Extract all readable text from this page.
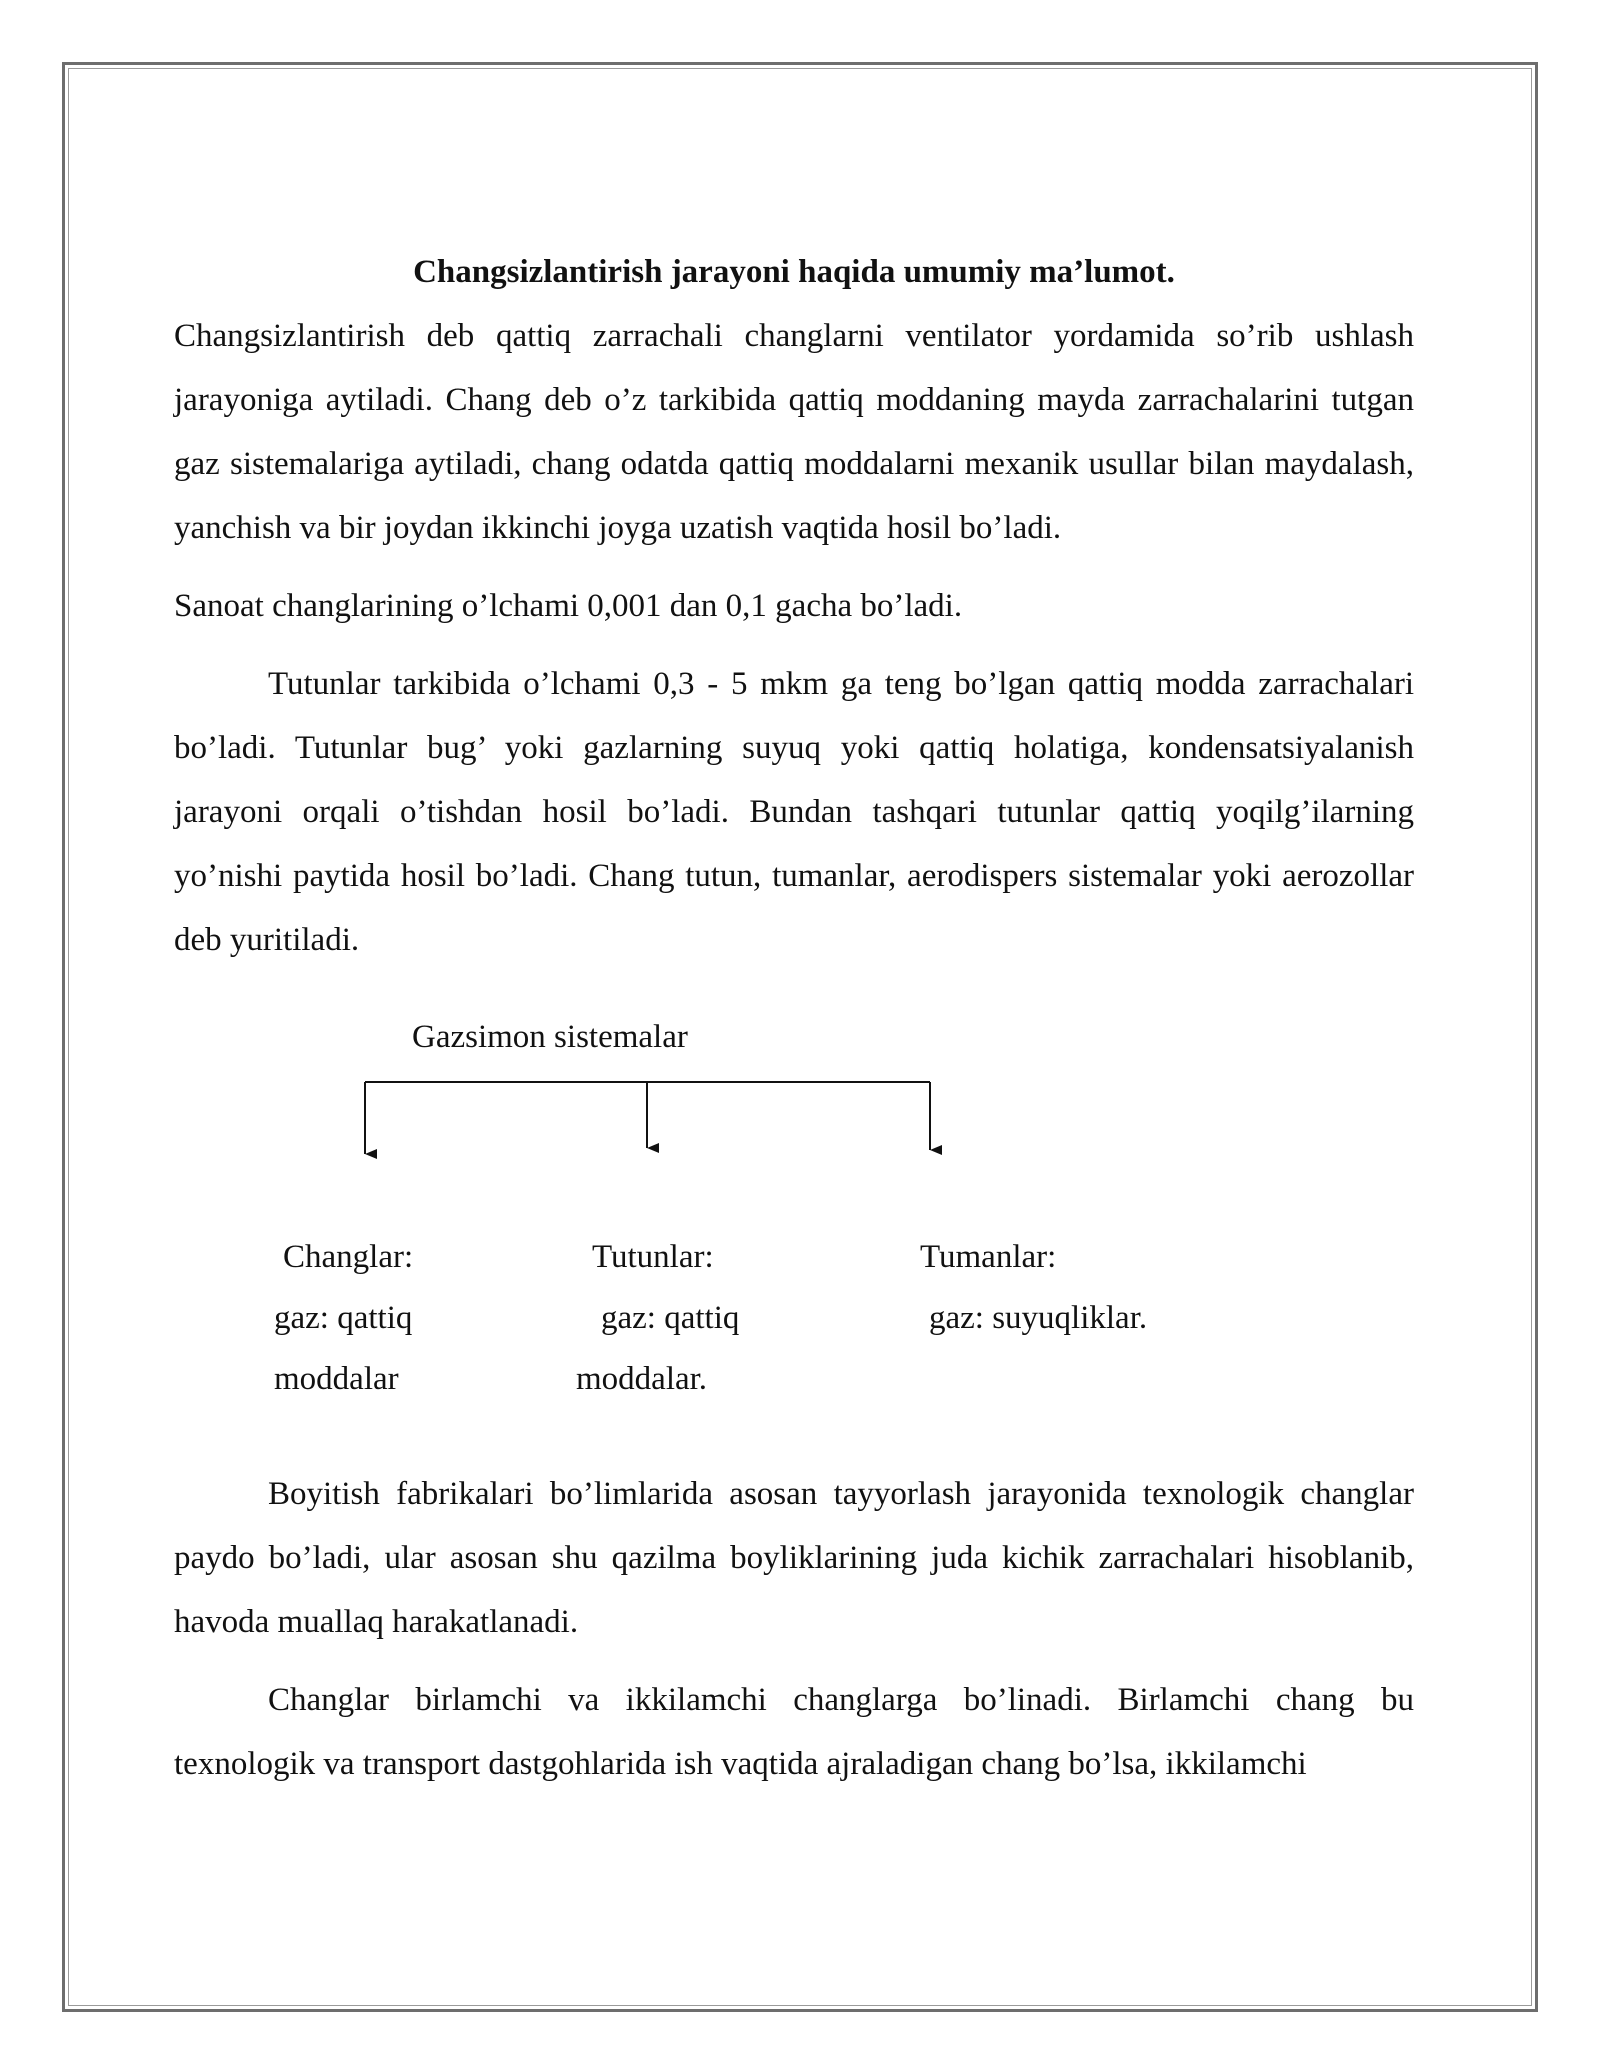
Changsizlantirish jarayoni haqida umumiy ma’lumot.

Changsizlantirish deb qattiq zarrachali changlarni ventilator yordamida so’rib ushlash jarayoniga aytiladi. Chang deb o’z tarkibida qattiq moddaning mayda zarrachalarini tutgan gaz sistemalariga aytiladi, chang odatda qattiq moddalarni mexanik usullar bilan maydalash, yanchish va bir joydan ikkinchi joyga uzatish vaqtida hosil bo’ladi.

Sanoat changlarining o’lchami 0,001 dan 0,1 gacha bo’ladi.

Tutunlar tarkibida o’lchami 0,3 - 5 mkm ga teng bo’lgan qattiq modda zarrachalari bo’ladi. Tutunlar bug’ yoki gazlarning suyuq yoki qattiq holatiga, kondensatsiyalanish jarayoni orqali o’tishdan hosil bo’ladi. Bundan tashqari tutunlar qattiq yoqilg’ilarning yo’nishi paytida hosil bo’ladi. Chang tutun, tumanlar, aerodispers sistemalar yoki aerozollar deb yuritiladi.

Gazsimon sistemalar
Changlar:
gaz: qattiq
moddalar
Tutunlar:
gaz: qattiq
moddalar.
Tumanlar:
gaz: suyuqliklar.

Boyitish fabrikalari bo’limlarida asosan tayyorlash jarayonida texnologik changlar paydo bo’ladi, ular asosan shu qazilma boyliklarining juda kichik zarrachalari hisoblanib, havoda muallaq harakatlanadi.

Changlar birlamchi va ikkilamchi changlarga bo’linadi. Birlamchi chang bu texnologik va transport dastgohlarida ish vaqtida ajraladigan chang bo’lsa, ikkilamchi
